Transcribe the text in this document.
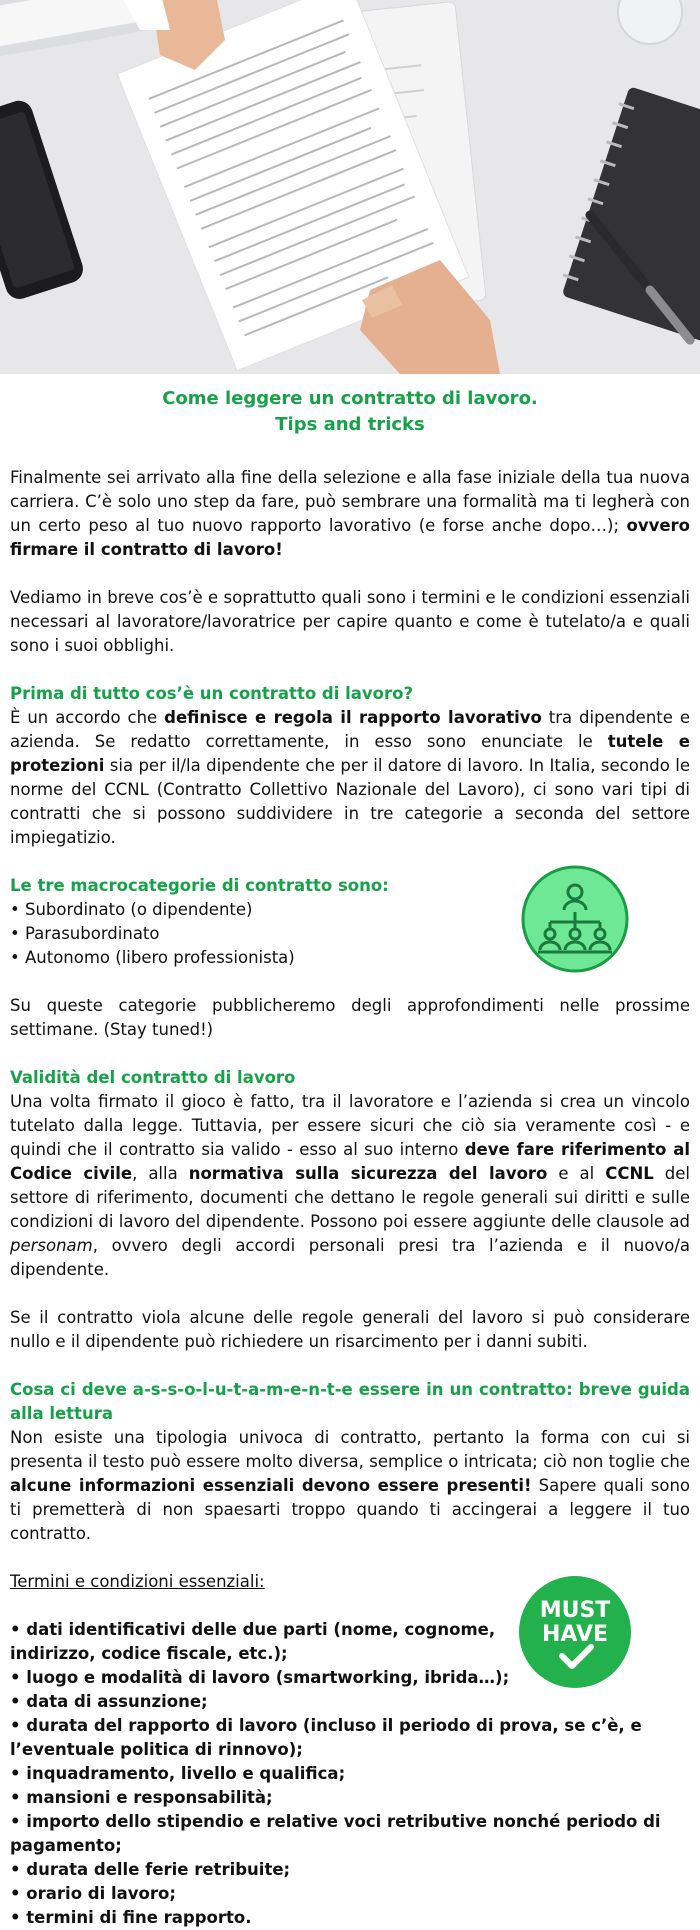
Come leggere un contratto di lavoro.
Tips and tricks

Finalmente sei arrivato alla fine della selezione e alla fase iniziale della tua nuova carriera. C’è solo uno step da fare, può sembrare una formalità ma ti legherà con un certo peso al tuo nuovo rapporto lavorativo (e forse anche dopo…); ovvero firmare il contratto di lavoro!

Vediamo in breve cos’è e soprattutto quali sono i termini e le condizioni essenziali necessari al lavoratore/lavoratrice per capire quanto e come è tutelato/a e quali sono i suoi obblighi.

Prima di tutto cos’è un contratto di lavoro?

È un accordo che definisce e regola il rapporto lavorativo tra dipendente e azienda. Se redatto correttamente, in esso sono enunciate le tutele e protezioni sia per il/la dipendente che per il datore di lavoro. In Italia, secondo le norme del CCNL (Contratto Collettivo Nazionale del Lavoro), ci sono vari tipi di contratti che si possono suddividere in tre categorie a seconda del settore impiegatizio.

Le tre macrocategorie di contratto sono:
• Subordinato (o dipendente)
• Parasubordinato
• Autonomo (libero professionista)

Su queste categorie pubblicheremo degli approfondimenti nelle prossime settimane. (Stay tuned!)

Validità del contratto di lavoro

Una volta firmato il gioco è fatto, tra il lavoratore e l’azienda si crea un vincolo tutelato dalla legge. Tuttavia, per essere sicuri che ciò sia veramente così - e quindi che il contratto sia valido - esso al suo interno deve fare riferimento al Codice civile, alla normativa sulla sicurezza del lavoro e al CCNL del settore di riferimento, documenti che dettano le regole generali sui diritti e sulle condizioni di lavoro del dipendente. Possono poi essere aggiunte delle clausole ad personam, ovvero degli accordi personali presi tra l’azienda e il nuovo/a dipendente.

Se il contratto viola alcune delle regole generali del lavoro si può considerare nullo e il dipendente può richiedere un risarcimento per i danni subiti.

Cosa ci deve a-s-s-o-l-u-t-a-m-e-n-t-e essere in un contratto: breve guida alla lettura

Non esiste una tipologia univoca di contratto, pertanto la forma con cui si presenta il testo può essere molto diversa, semplice o intricata; ciò non toglie che alcune informazioni essenziali devono essere presenti! Sapere quali sono ti premetterà di non spaesarti troppo quando ti accingerai a leggere il tuo contratto.

Termini e condizioni essenziali:
• dati identificativi delle due parti (nome, cognome,
indirizzo, codice fiscale, etc.);
• luogo e modalità di lavoro (smartworking, ibrida…);
• data di assunzione;
• durata del rapporto di lavoro (incluso il periodo di prova, se c’è, e l’eventuale politica di rinnovo);
• inquadramento, livello e qualifica;
• mansioni e responsabilità;
• importo dello stipendio e relative voci retributive nonché periodo di pagamento;
• durata delle ferie retribuite;
• orario di lavoro;
• termini di fine rapporto.
MUST
HAVE
